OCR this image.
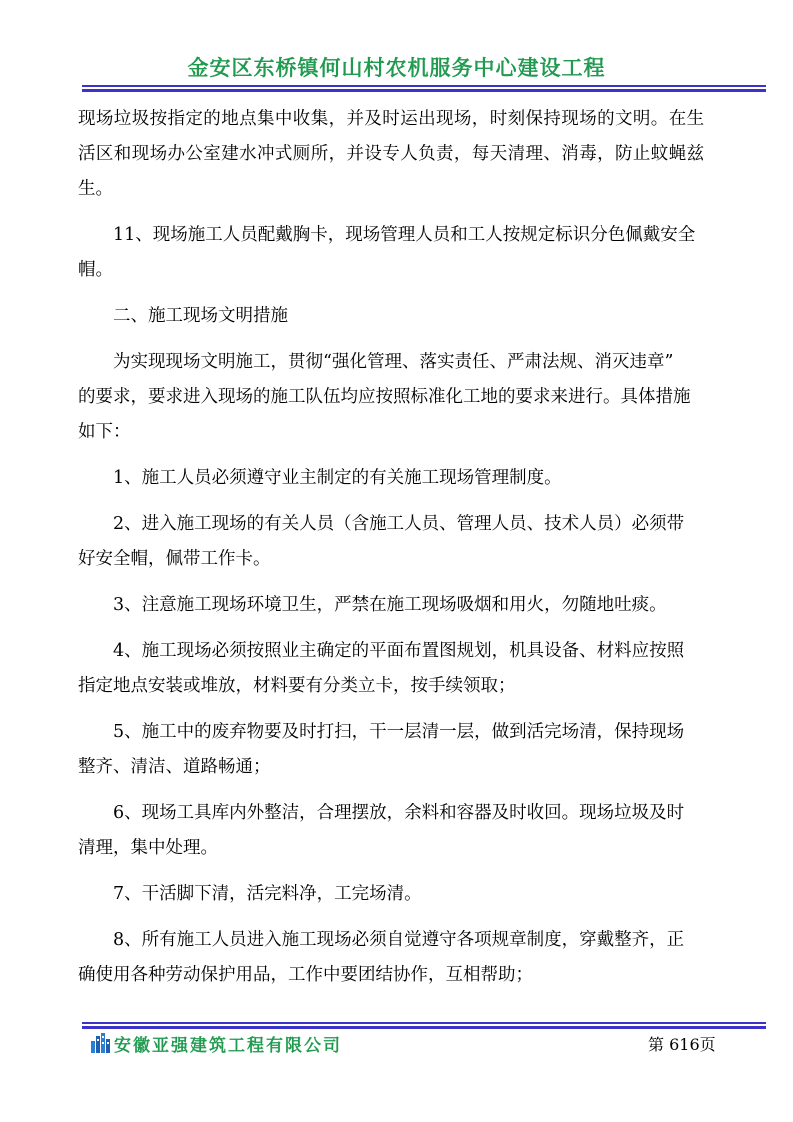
金安区东桥镇何山村农机服务中心建设工程
现场垃圾按指定的地点集中收集，并及时运出现场，时刻保持现场的文明。在生
活区和现场办公室建水冲式厕所，并设专人负责，每天清理、消毒，防止蚊蝇兹
生。
11、现场施工人员配戴胸卡，现场管理人员和工人按规定标识分色佩戴安全
帽。
二、施工现场文明措施
为实现现场文明施工，贯彻“强化管理、落实责任、严肃法规、消灭违章”
的要求，要求进入现场的施工队伍均应按照标准化工地的要求来进行。具体措施
如下：
1、施工人员必须遵守业主制定的有关施工现场管理制度。
2、进入施工现场的有关人员（含施工人员、管理人员、技术人员）必须带
好安全帽，佩带工作卡。
3、注意施工现场环境卫生，严禁在施工现场吸烟和用火，勿随地吐痰。
4、施工现场必须按照业主确定的平面布置图规划，机具设备、材料应按照
指定地点安装或堆放，材料要有分类立卡，按手续领取；
5、施工中的废弃物要及时打扫，干一层清一层，做到活完场清，保持现场
整齐、清洁、道路畅通；
6、现场工具库内外整洁，合理摆放，余料和容器及时收回。现场垃圾及时
清理，集中处理。
7、干活脚下清，活完料净，工完场清。
8、所有施工人员进入施工现场必须自觉遵守各项规章制度，穿戴整齐，正
确使用各种劳动保护用品，工作中要团结协作，互相帮助；
安徽亚强建筑工程有限公司	第 616页
